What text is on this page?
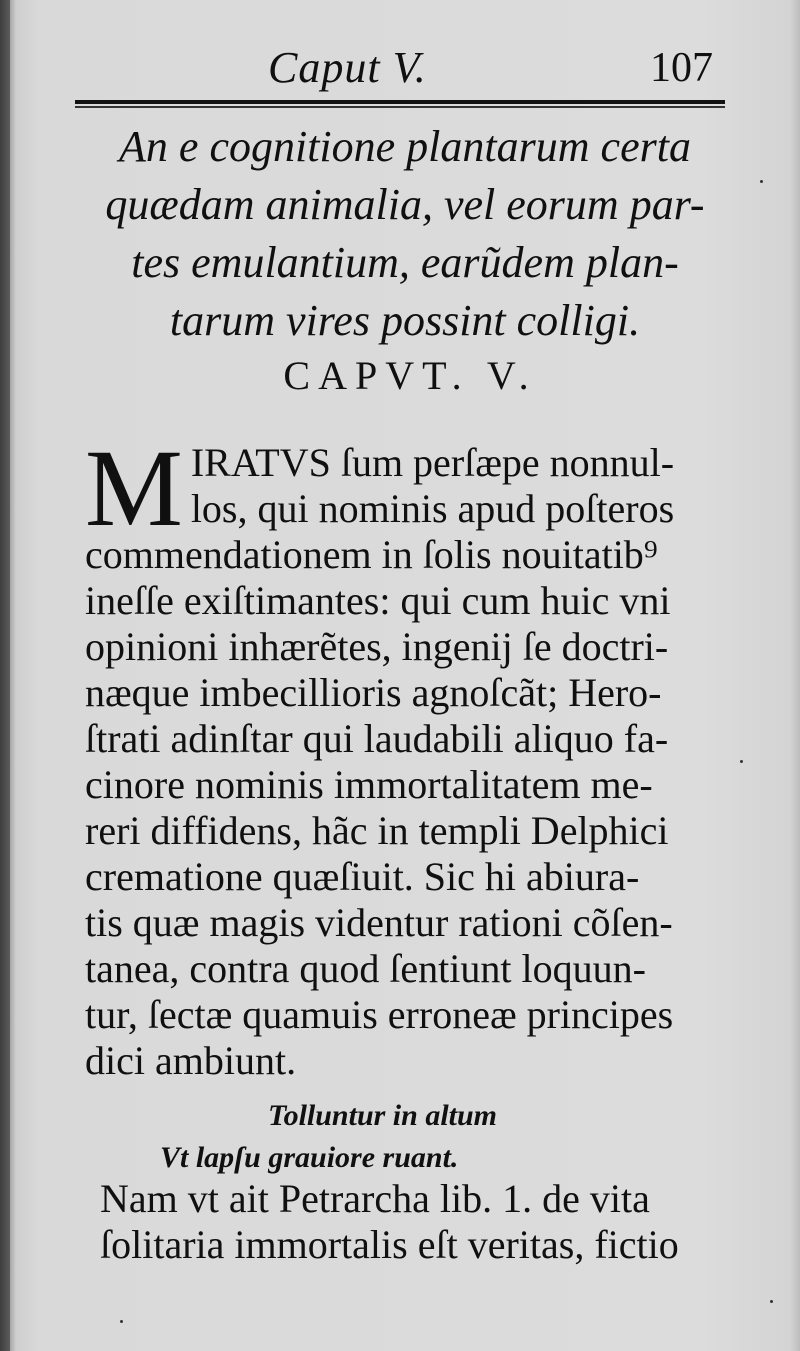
Caput V.	107
An e cognitione plantarum certa
quædam animalia, vel eorum par-
tes emulantium, earũdem plan-
tarum vires possint colligi.
CAPVT. V.
M IRATVS ſum perſæpe nonnul-
los, qui nominis apud poſteros
commendationem in ſolis nouitatib⁹
ineſſe exiſtimantes: qui cum huic vni
opinioni inhærẽtes, ingenij ſe doctri-
næque imbecillioris agnoſcãt; Hero-
ſtrati adinſtar qui laudabili aliquo fa-
cinore nominis immortalitatem me-
reri diffidens, hãc in templi Delphici
crematione quæſiuit. Sic hi abiura-
tis quæ magis videntur rationi cõſen-
tanea, contra quod ſentiunt loquun-
tur, ſectæ quamuis erroneæ principes
dici ambiunt.
Tolluntur in altum
Vt lapſu grauiore ruant.
Nam vt ait Petrarcha lib. 1. de vita
ſolitaria immortalis eſt veritas, fictio
